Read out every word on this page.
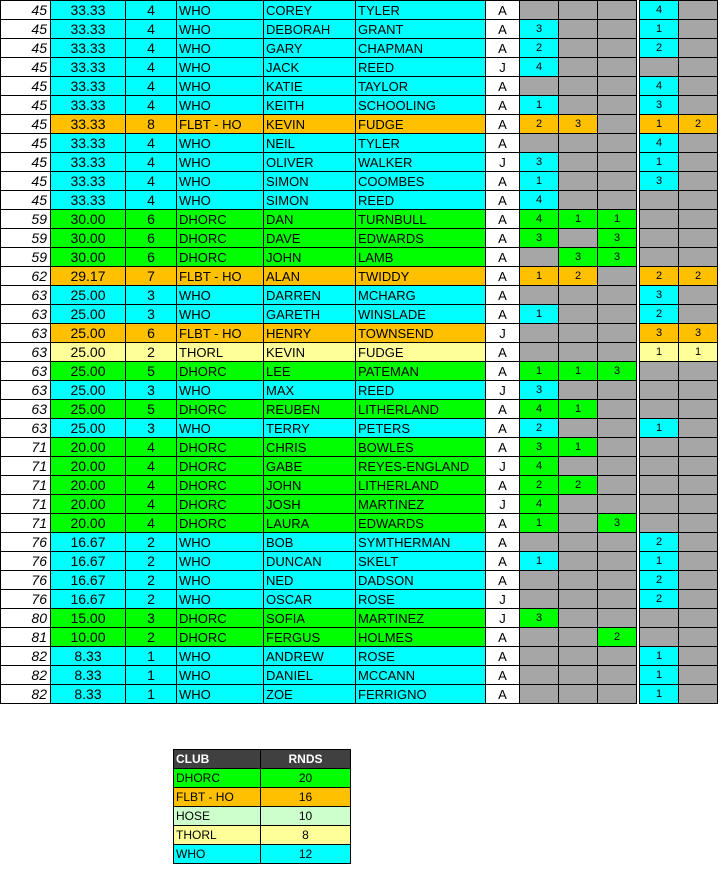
45	33.33	4	WHO	COREY	TYLER	A					4	
45	33.33	4	WHO	DEBORAH	GRANT	A	3				1	
45	33.33	4	WHO	GARY	CHAPMAN	A	2				2	
45	33.33	4	WHO	JACK	REED	J	4					
45	33.33	4	WHO	KATIE	TAYLOR	A					4	
45	33.33	4	WHO	KEITH	SCHOOLING	A	1				3	
45	33.33	8	FLBT - HO	KEVIN	FUDGE	A	2	3			1	2
45	33.33	4	WHO	NEIL	TYLER	A					4	
45	33.33	4	WHO	OLIVER	WALKER	J	3				1	
45	33.33	4	WHO	SIMON	COOMBES	A	1				3	
45	33.33	4	WHO	SIMON	REED	A	4					
59	30.00	6	DHORC	DAN	TURNBULL	A	4	1	1			
59	30.00	6	DHORC	DAVE	EDWARDS	A	3		3			
59	30.00	6	DHORC	JOHN	LAMB	A		3	3			
62	29.17	7	FLBT - HO	ALAN	TWIDDY	A	1	2			2	2
63	25.00	3	WHO	DARREN	MCHARG	A					3	
63	25.00	3	WHO	GARETH	WINSLADE	A	1				2	
63	25.00	6	FLBT - HO	HENRY	TOWNSEND	J					3	3
63	25.00	2	THORL	KEVIN	FUDGE	A					1	1
63	25.00	5	DHORC	LEE	PATEMAN	A	1	1	3			
63	25.00	3	WHO	MAX	REED	J	3					
63	25.00	5	DHORC	REUBEN	LITHERLAND	A	4	1				
63	25.00	3	WHO	TERRY	PETERS	A	2				1	
71	20.00	4	DHORC	CHRIS	BOWLES	A	3	1				
71	20.00	4	DHORC	GABE	REYES-ENGLAND	J	4					
71	20.00	4	DHORC	JOHN	LITHERLAND	A	2	2				
71	20.00	4	DHORC	JOSH	MARTINEZ	J	4					
71	20.00	4	DHORC	LAURA	EDWARDS	A	1		3			
76	16.67	2	WHO	BOB	SYMTHERMAN	A					2	
76	16.67	2	WHO	DUNCAN	SKELT	A	1				1	
76	16.67	2	WHO	NED	DADSON	A					2	
76	16.67	2	WHO	OSCAR	ROSE	J					2	
80	15.00	3	DHORC	SOFIA	MARTINEZ	J	3					
81	10.00	2	DHORC	FERGUS	HOLMES	A			2			
82	8.33	1	WHO	ANDREW	ROSE	A					1	
82	8.33	1	WHO	DANIEL	MCCANN	A					1	
82	8.33	1	WHO	ZOE	FERRIGNO	A					1	
CLUB	RNDS
DHORC	20
FLBT - HO	16
HOSE	10
THORL	8
WHO	12
